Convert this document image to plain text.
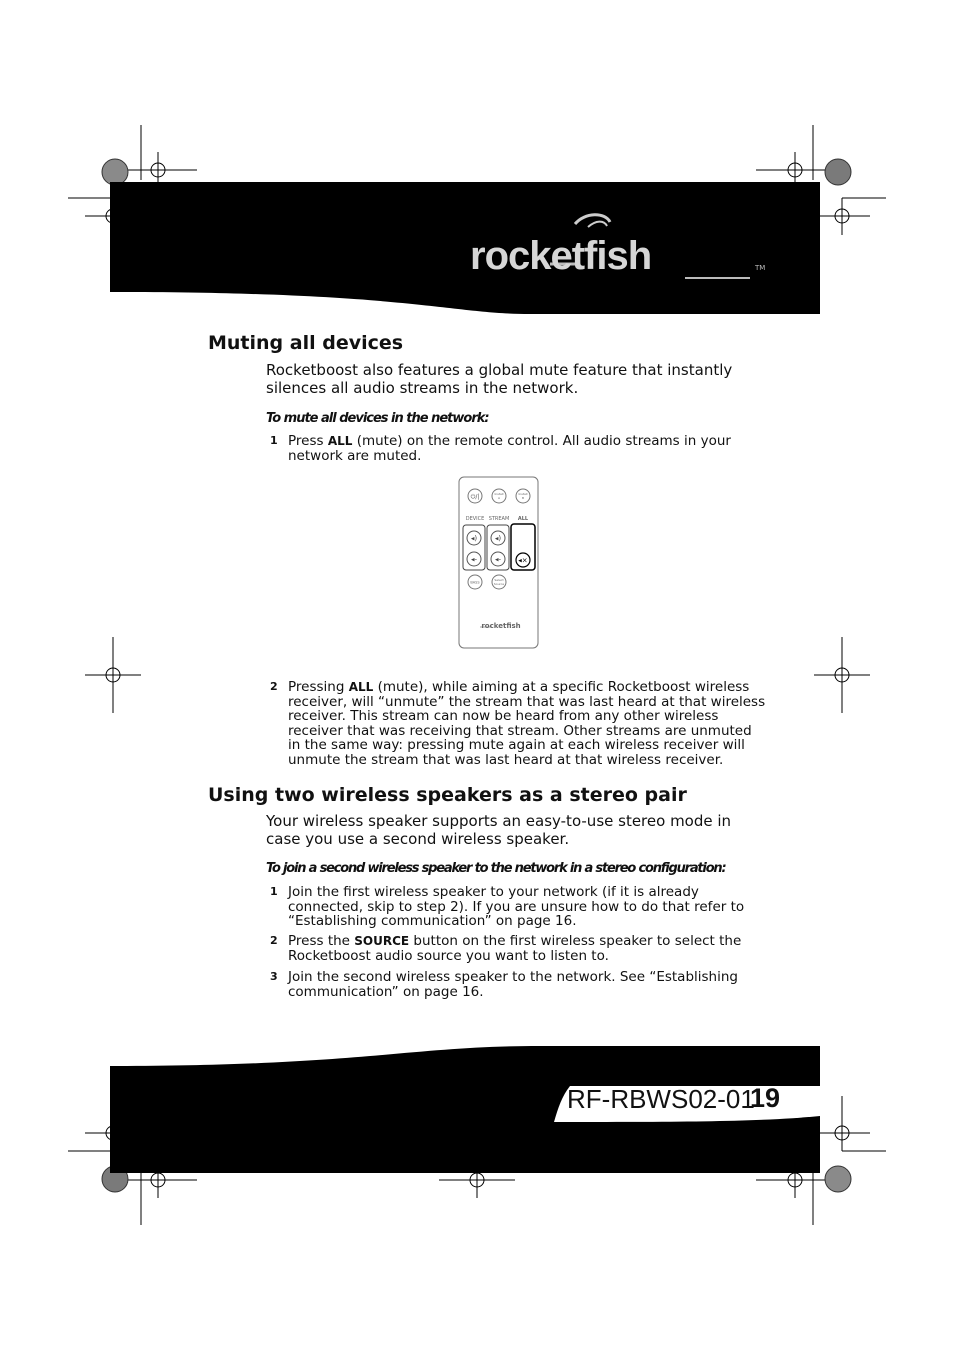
rocketfish	TM
Muting all devices
Rocketboost also features a global mute feature that instantly silences all audio streams in the network.
To mute all devices in the network:
1 Press ALL (mute) on the remote control. All audio streams in your network are muted.
⏻/|	Install
A
Install
B
DEVICE STREAM ALL
◂)
◂-
◂)
◂- ◂×
BASS
Select
Source
rocketfish
2 Pressing ALL (mute), while aiming at a specific Rocketboost wireless receiver, will “unmute” the stream that was last heard at that wireless receiver. This stream can now be heard from any other wireless receiver that was receiving that stream. Other streams are unmuted in the same way: pressing mute again at each wireless receiver will unmute the stream that was last heard at that wireless receiver.
Using two wireless speakers as a stereo pair
Your wireless speaker supports an easy-to-use stereo mode in case you use a second wireless speaker.
To join a second wireless speaker to the network in a stereo configuration:
1 Join the first wireless speaker to your network (if it is already connected, skip to step 2). If you are unsure how to do that refer to “Establishing communication” on page 16.
2 Press the SOURCE button on the first wireless speaker to select the Rocketboost audio source you want to listen to.
3 Join the second wireless speaker to the network. See “Establishing communication” on page 16.
RF-RBWS02-01
19
